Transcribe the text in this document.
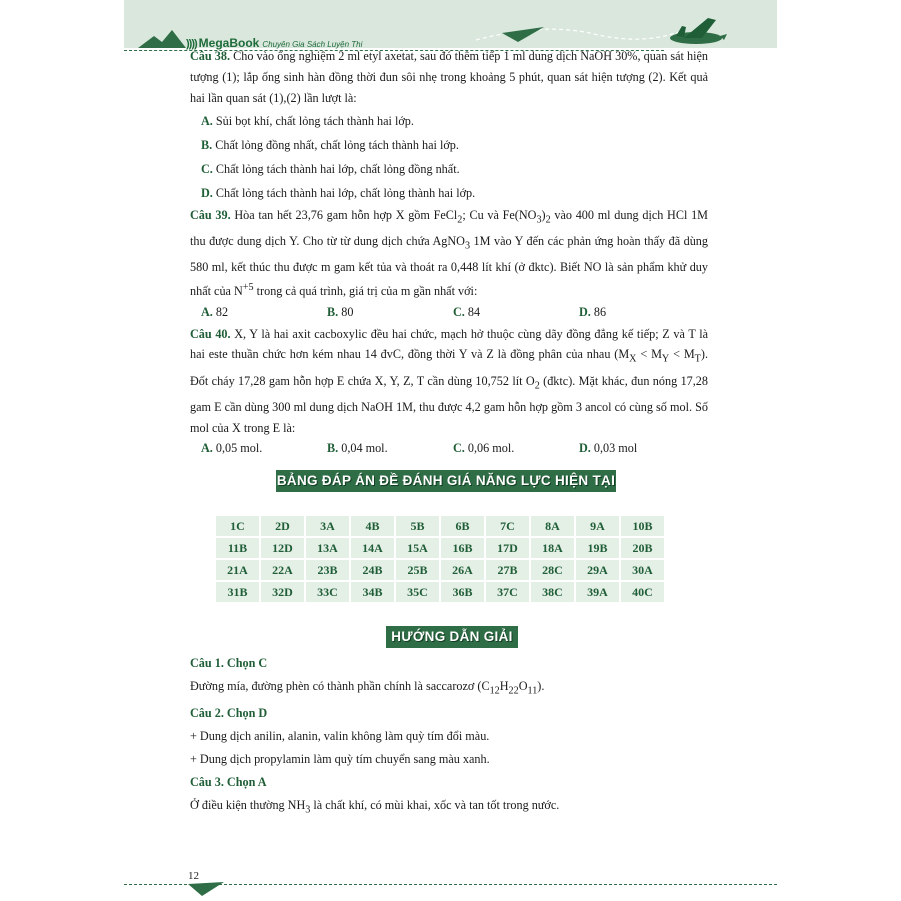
)))) MegaBook Chuyên Gia Sách Luyện Thi

Câu 38. Cho vào ống nghiệm 2 ml etyl axetat, sau đó thêm tiếp 1 ml dung dịch NaOH 30%, quan sát hiện tượng (1); lắp ống sinh hàn đồng thời đun sôi nhẹ trong khoảng 5 phút, quan sát hiện tượng (2). Kết quả hai lần quan sát (1),(2) lần lượt là:

A. Sủi bọt khí, chất lỏng tách thành hai lớp.

B. Chất lỏng đồng nhất, chất lỏng tách thành hai lớp.

C. Chất lỏng tách thành hai lớp, chất lỏng đồng nhất.

D. Chất lỏng tách thành hai lớp, chất lỏng thành hai lớp.

Câu 39. Hòa tan hết 23,76 gam hỗn hợp X gồm FeCl$_2$; Cu và $Fe(NO_3)_2$ vào 400 ml dung dịch HCl 1M thu được dung dịch Y. Cho từ từ dung dịch chứa AgNO$_3$ 1M vào Y đến các phản ứng hoàn thấy đã dùng 580 ml, kết thúc thu được m gam kết tủa và thoát ra 0,448 lít khí (ở đktc). Biết NO là sản phẩm khử duy nhất của $N^{+5}$ trong cả quá trình, giá trị của m gần nhất với:

A. 82	B. 80	C. 84	D. 86

Câu 40. X, Y là hai axit cacboxylic đều hai chức, mạch hở thuộc cùng dãy đồng đẳng kế tiếp; Z và T là hai este thuần chức hơn kém nhau 14 đvC, đồng thời Y và Z là đồng phân của nhau $(M_X < M_Y < M_T)$. Đốt cháy 17,28 gam hỗn hợp E chứa X, Y, Z, T cần dùng 10,752 lít $O_2$ (đktc). Mặt khác, đun nóng 17,28 gam E cần dùng 300 ml dung dịch NaOH 1M, thu được 4,2 gam hỗn hợp gồm 3 ancol có cùng số mol. Số mol của X trong E là:

A. 0,05 mol.	B. 0,04 mol.	C. 0,06 mol.	D. 0,03 mol
BẢNG ĐÁP ÁN ĐỀ ĐÁNH GIÁ NĂNG LỰC HIỆN TẠI
1C	2D	3A	4B	5B	6B	7C	8A	9A	10B
11B	12D	13A	14A	15A	16B	17D	18A	19B	20B
21A	22A	23B	24B	25B	26A	27B	28C	29A	30A
31B	32D	33C	34B	35C	36B	37C	38C	39A	40C
HƯỚNG DẪN GIẢI

Câu 1. Chọn C

Đường mía, đường phèn có thành phần chính là saccarozơ $(C_{12}H_{22}O_{11})$.

Câu 2. Chọn D

+ Dung dịch anilin, alanin, valin không làm quỳ tím đổi màu.

+ Dung dịch propylamin làm quỳ tím chuyển sang màu xanh.

Câu 3. Chọn A

Ở điều kiện thường $NH_3$ là chất khí, có mùi khai, xốc và tan tốt trong nước.

12
